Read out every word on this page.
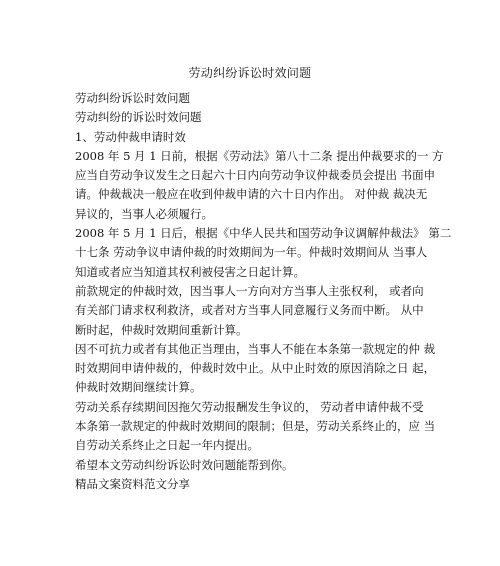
劳动纠纷诉讼时效问题
劳动纠纷诉讼时效问题
劳动纠纷的诉讼时效问题
1、劳动仲裁申请时效
2008 年 5 月 1 日前，根据《劳动法》第八十二条 提出仲裁要求的一 方
应当自劳动争议发生之日起六十日内向劳动争议仲裁委员会提出 书面申
请。仲裁裁决一般应在收到仲裁申请的六十日内作出。 对仲裁 裁决无
异议的，当事人必须履行。
2008 年 5 月 1 日后，根据《中华人民共和国劳动争议调解仲裁法》 第二
十七条 劳动争议申请仲裁的时效期间为一年。仲裁时效期间从 当事人
知道或者应当知道其权利被侵害之日起计算。
前款规定的仲裁时效，因当事人一方向对方当事人主张权利， 或者向
有关部门请求权利救济，或者对方当事人同意履行义务而中断。 从中
断时起，仲裁时效期间重新计算。
因不可抗力或者有其他正当理由，当事人不能在本条第一款规定的仲 裁
时效期间申请仲裁的，仲裁时效中止。从中止时效的原因消除之日 起，
仲裁时效期间继续计算。
劳动关系存续期间因拖欠劳动报酬发生争议的， 劳动者申请仲裁不受
本条第一款规定的仲裁时效期间的限制；但是，劳动关系终止的，应 当
自劳动关系终止之日起一年内提出。
希望本文劳动纠纷诉讼时效问题能帮到你。
精品文案资料范文分享
